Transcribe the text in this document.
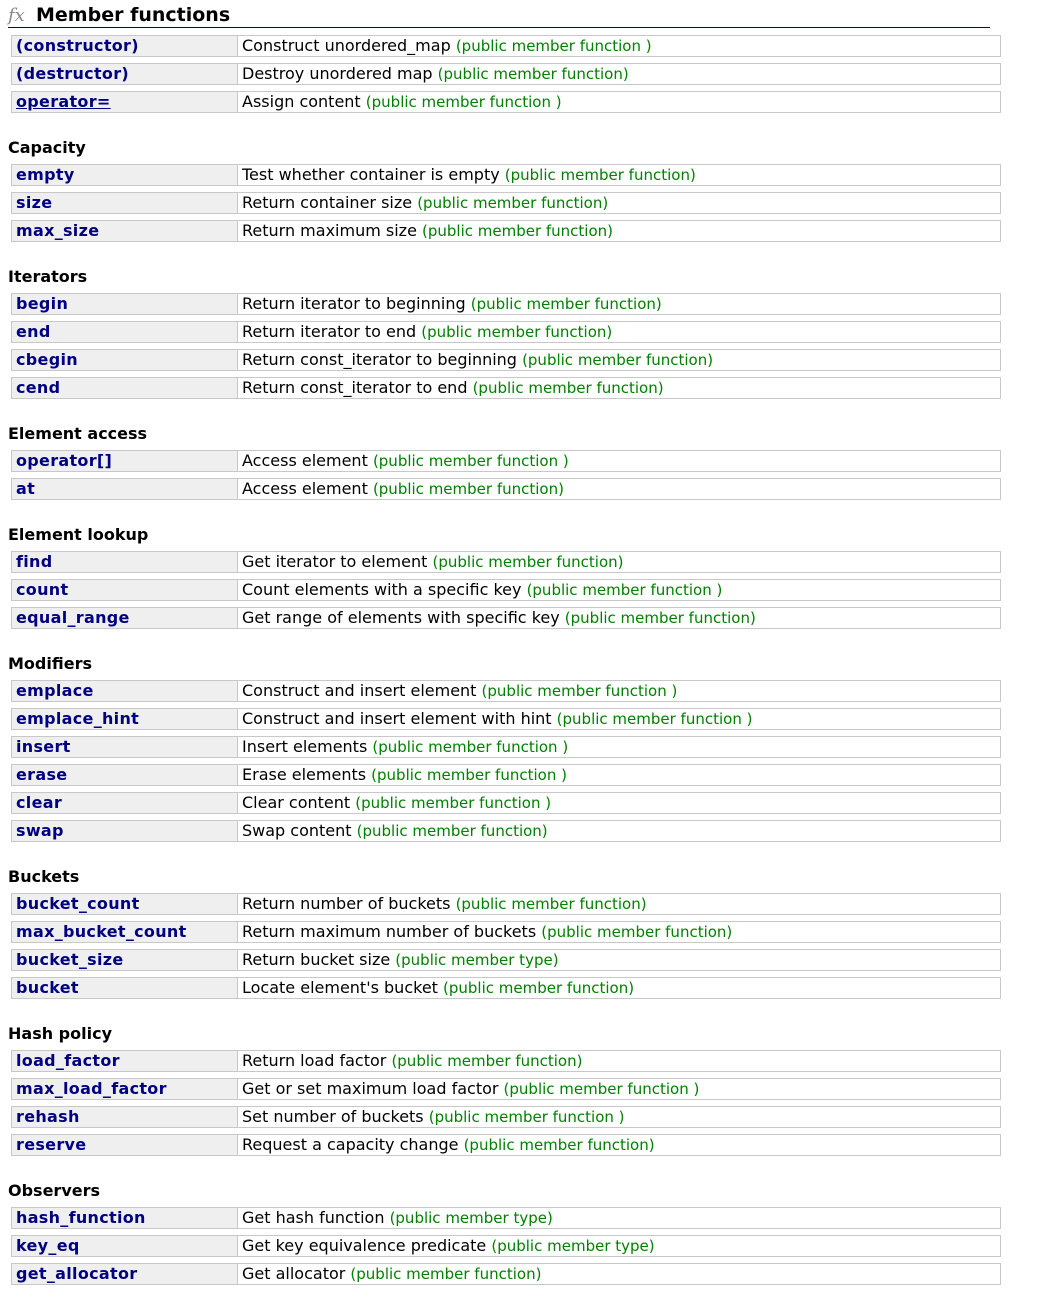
fx Member functions
(constructor)	Construct unordered_map (public member function )
(destructor)	Destroy unordered map (public member function)
operator=	Assign content (public member function )
Capacity
empty	Test whether container is empty (public member function)
size	Return container size (public member function)
max_size	Return maximum size (public member function)
Iterators
begin	Return iterator to beginning (public member function)
end	Return iterator to end (public member function)
cbegin	Return const_iterator to beginning (public member function)
cend	Return const_iterator to end (public member function)
Element access
operator[]	Access element (public member function )
at	Access element (public member function)
Element lookup
find	Get iterator to element (public member function)
count	Count elements with a specific key (public member function )
equal_range	Get range of elements with specific key (public member function)
Modifiers
emplace	Construct and insert element (public member function )
emplace_hint	Construct and insert element with hint (public member function )
insert	Insert elements (public member function )
erase	Erase elements (public member function )
clear	Clear content (public member function )
swap	Swap content (public member function)
Buckets
bucket_count	Return number of buckets (public member function)
max_bucket_count	Return maximum number of buckets (public member function)
bucket_size	Return bucket size (public member type)
bucket	Locate element's bucket (public member function)
Hash policy
load_factor	Return load factor (public member function)
max_load_factor	Get or set maximum load factor (public member function )
rehash	Set number of buckets (public member function )
reserve	Request a capacity change (public member function)
Observers
hash_function	Get hash function (public member type)
key_eq	Get key equivalence predicate (public member type)
get_allocator	Get allocator (public member function)
